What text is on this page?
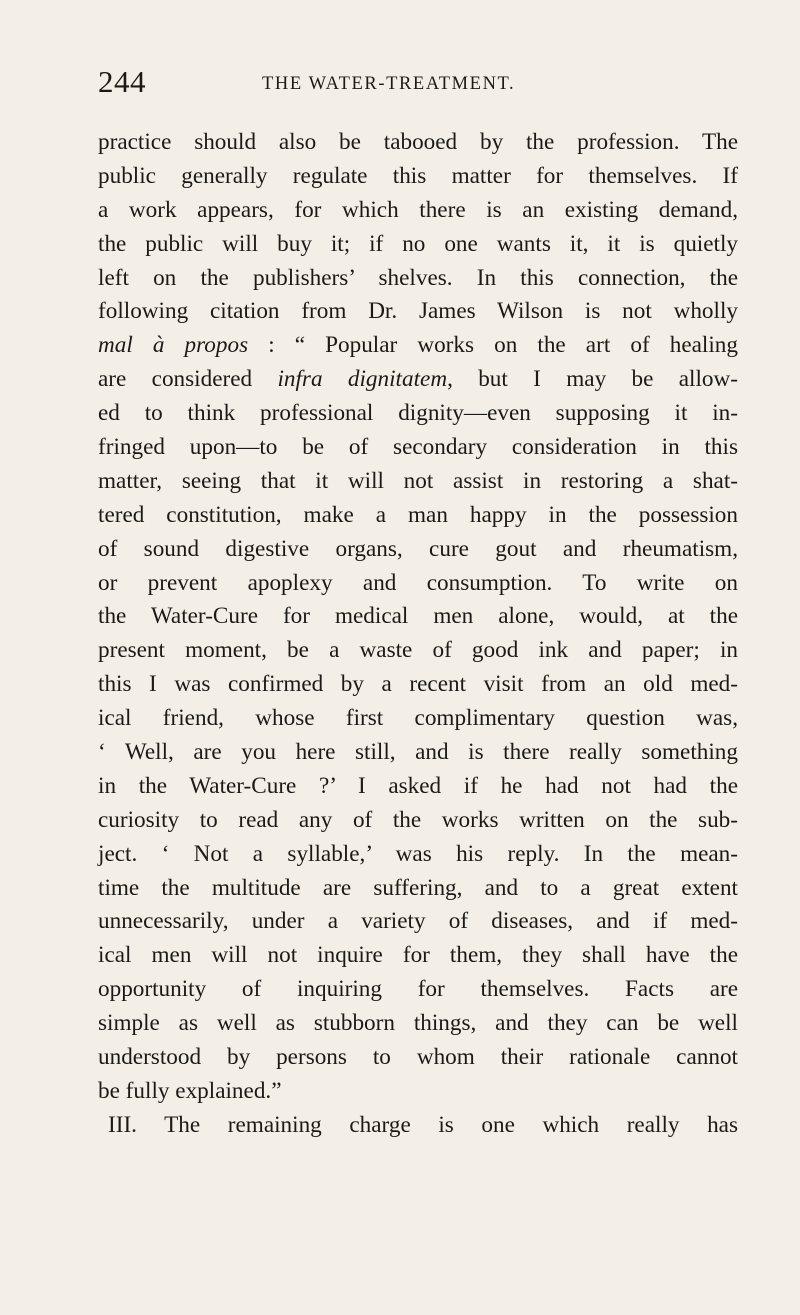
244	THE WATER-TREATMENT.
practice should also be tabooed by the profession. The
public generally regulate this matter for themselves. If
a work appears, for which there is an existing demand,
the public will buy it; if no one wants it, it is quietly
left on the publishers’ shelves. In this connection, the
following citation from Dr. James Wilson is not wholly
mal à propos : “ Popular works on the art of healing
are considered infra dignitatem, but I may be allow-
ed to think professional dignity—even supposing it in-
fringed upon—to be of secondary consideration in this
matter, seeing that it will not assist in restoring a shat-
tered constitution, make a man happy in the possession
of sound digestive organs, cure gout and rheumatism,
or prevent apoplexy and consumption. To write on
the Water-Cure for medical men alone, would, at the
present moment, be a waste of good ink and paper; in
this I was confirmed by a recent visit from an old med-
ical friend, whose first complimentary question was,
‘ Well, are you here still, and is there really something
in the Water-Cure ?’ I asked if he had not had the
curiosity to read any of the works written on the sub-
ject. ‘ Not a syllable,’ was his reply. In the mean-
time the multitude are suffering, and to a great extent
unnecessarily, under a variety of diseases, and if med-
ical men will not inquire for them, they shall have the
opportunity of inquiring for themselves. Facts are
simple as well as stubborn things, and they can be well
understood by persons to whom their rationale cannot
be fully explained.”
III. The remaining charge is one which really has
